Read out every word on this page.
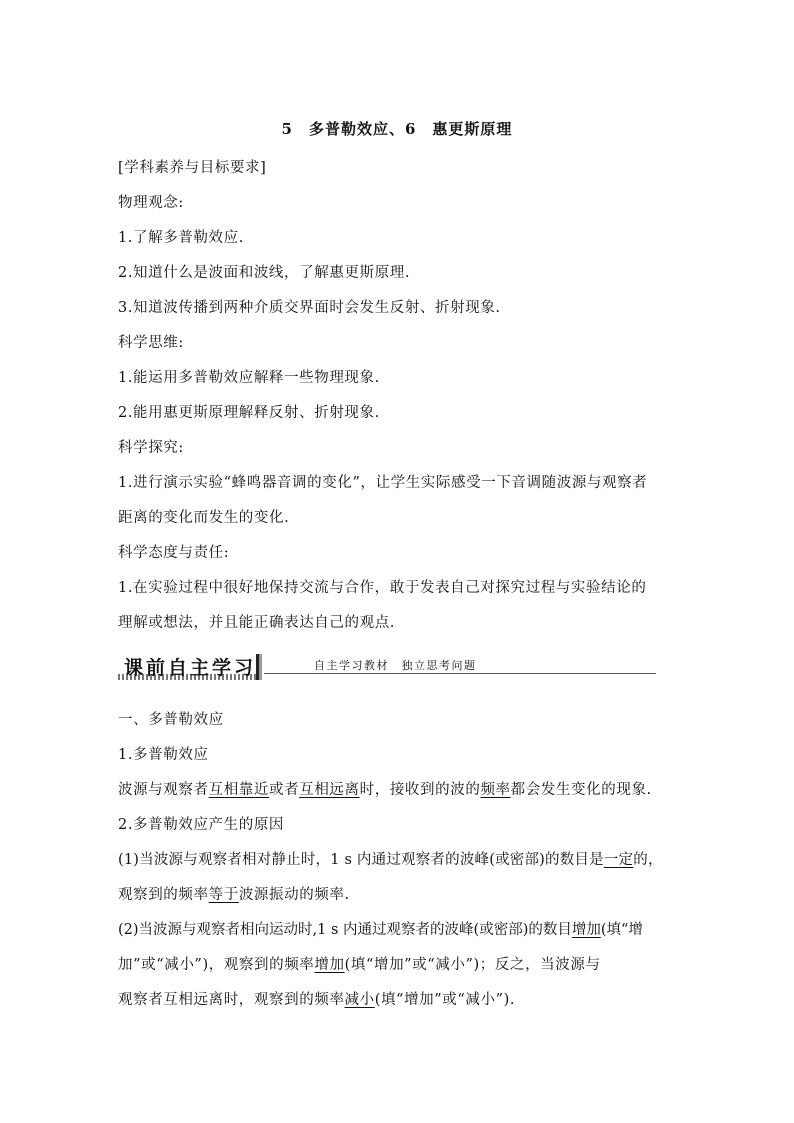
5　多普勒效应、6　惠更斯原理
[学科素养与目标要求]
物理观念:
1.了解多普勒效应.
2.知道什么是波面和波线，了解惠更斯原理.
3.知道波传播到两种介质交界面时会发生反射、折射现象.
科学思维:
1.能运用多普勒效应解释一些物理现象.
2.能用惠更斯原理解释反射、折射现象.
科学探究:
1.进行演示实验“蜂鸣器音调的变化”，让学生实际感受一下音调随波源与观察者
距离的变化而发生的变化.
科学态度与责任:
1.在实验过程中很好地保持交流与合作，敢于发表自己对探究过程与实验结论的
理解或想法，并且能正确表达自己的观点.
课前自主学习	自主学习教材　独立思考问题
一、多普勒效应
1.多普勒效应
波源与观察者互相靠近或者互相远离时，接收到的波的频率都会发生变化的现象.
2.多普勒效应产生的原因
(1)当波源与观察者相对静止时，1 s 内通过观察者的波峰(或密部)的数目是一定的，
观察到的频率等于波源振动的频率.
(2)当波源与观察者相向运动时,1 s 内通过观察者的波峰(或密部)的数目增加(填“增
加”或“减小”)，观察到的频率增加(填“增加”或“减小”)；反之，当波源与
观察者互相远离时，观察到的频率减小(填“增加”或“减小”).
